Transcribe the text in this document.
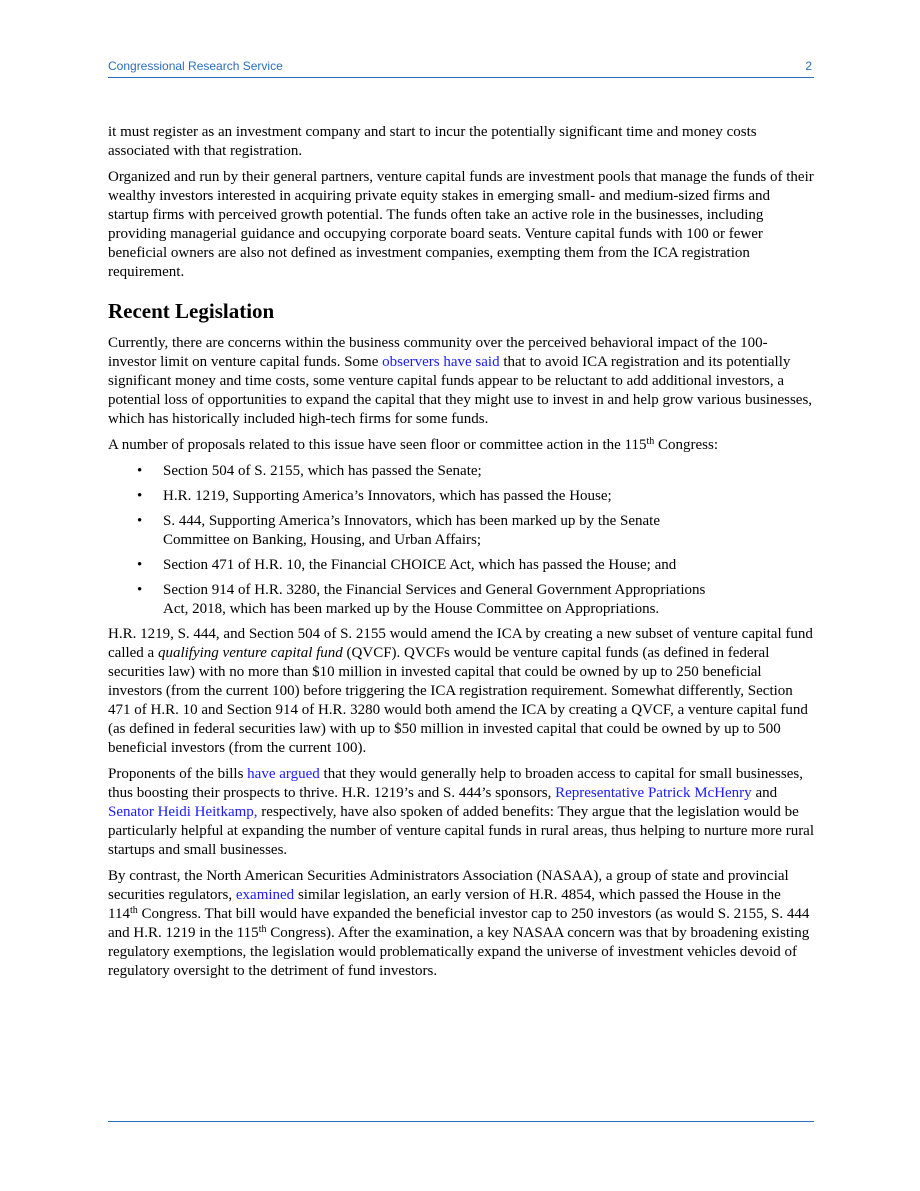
Congressional Research Service	2

it must register as an investment company and start to incur the potentially significant time and money costs associated with that registration.

Organized and run by their general partners, venture capital funds are investment pools that manage the funds of their wealthy investors interested in acquiring private equity stakes in emerging small- and medium-sized firms and startup firms with perceived growth potential. The funds often take an active role in the businesses, including providing managerial guidance and occupying corporate board seats. Venture capital funds with 100 or fewer beneficial owners are also not defined as investment companies, exempting them from the ICA registration requirement.

Recent Legislation

Currently, there are concerns within the business community over the perceived behavioral impact of the 100-investor limit on venture capital funds. Some observers have said that to avoid ICA registration and its potentially significant money and time costs, some venture capital funds appear to be reluctant to add additional investors, a potential loss of opportunities to expand the capital that they might use to invest in and help grow various businesses, which has historically included high-tech firms for some funds.

A number of proposals related to this issue have seen floor or committee action in the 115th Congress:

• Section 504 of S. 2155, which has passed the Senate;
• H.R. 1219, Supporting America’s Innovators, which has passed the House;
• S. 444, Supporting America’s Innovators, which has been marked up by the Senate Committee on Banking, Housing, and Urban Affairs;
• Section 471 of H.R. 10, the Financial CHOICE Act, which has passed the House; and
• Section 914 of H.R. 3280, the Financial Services and General Government Appropriations Act, 2018, which has been marked up by the House Committee on Appropriations.

H.R. 1219, S. 444, and Section 504 of S. 2155 would amend the ICA by creating a new subset of venture capital fund called a qualifying venture capital fund (QVCF). QVCFs would be venture capital funds (as defined in federal securities law) with no more than $10 million in invested capital that could be owned by up to 250 beneficial investors (from the current 100) before triggering the ICA registration requirement. Somewhat differently, Section 471 of H.R. 10 and Section 914 of H.R. 3280 would both amend the ICA by creating a QVCF, a venture capital fund (as defined in federal securities law) with up to $50 million in invested capital that could be owned by up to 500 beneficial investors (from the current 100).

Proponents of the bills have argued that they would generally help to broaden access to capital for small businesses, thus boosting their prospects to thrive. H.R. 1219’s and S. 444’s sponsors, Representative Patrick McHenry and Senator Heidi Heitkamp, respectively, have also spoken of added benefits: They argue that the legislation would be particularly helpful at expanding the number of venture capital funds in rural areas, thus helping to nurture more rural startups and small businesses.

By contrast, the North American Securities Administrators Association (NASAA), a group of state and provincial securities regulators, examined similar legislation, an early version of H.R. 4854, which passed the House in the 114th Congress. That bill would have expanded the beneficial investor cap to 250 investors (as would S. 2155, S. 444 and H.R. 1219 in the 115th Congress). After the examination, a key NASAA concern was that by broadening existing regulatory exemptions, the legislation would problematically expand the universe of investment vehicles devoid of regulatory oversight to the detriment of fund investors.
